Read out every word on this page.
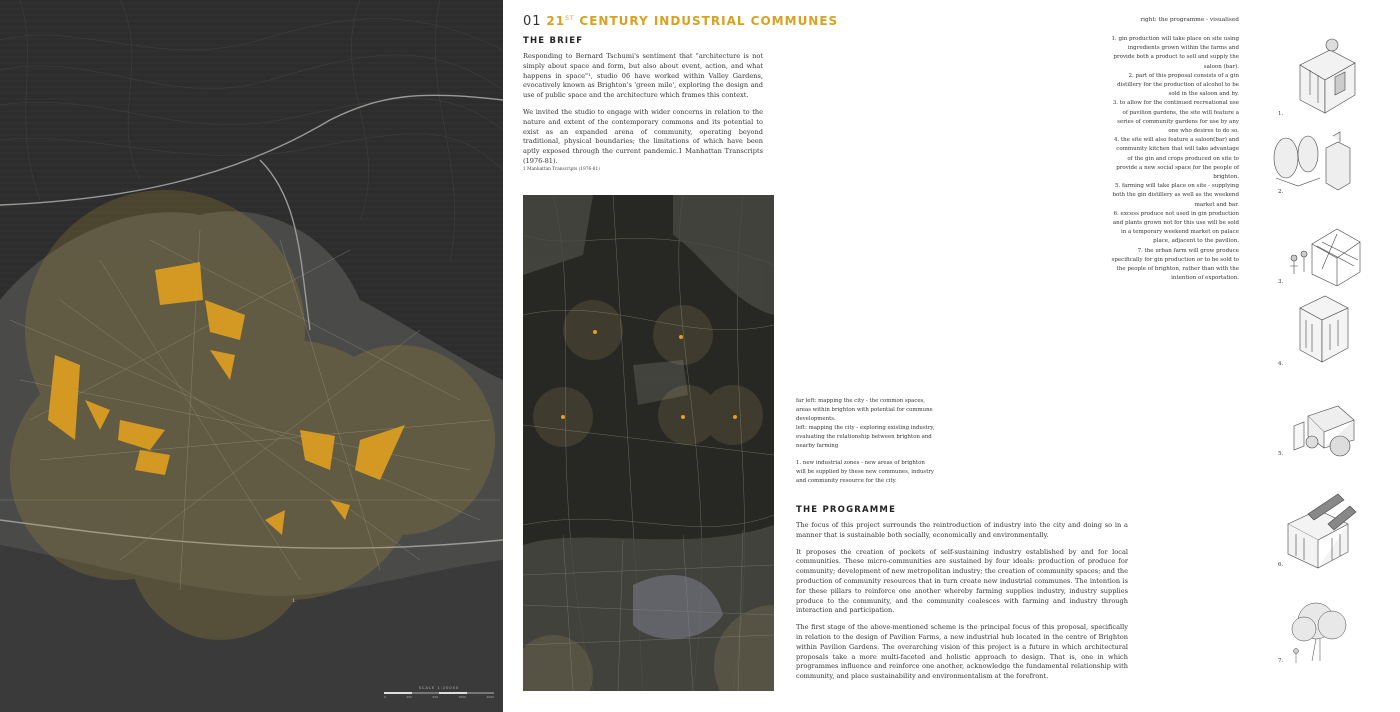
1.
SCALE 1:20000
0	250	500	1000	2000
01 21ST CENTURY INDUSTRIAL COMMUNES
THE BRIEF

Responding to Bernard Tschumi's sentiment that "architecture is not simply about space and form, but also about event, action, and what happens in space"¹, studio 06 have worked within Valley Gardens, evocatively known as Brighton's 'green mile', exploring the design and use of public space and the architecture which frames this context.

We invited the studio to engage with wider concerns in relation to the nature and extent of the contemporary commons and its potential to exist as an expanded arena of community, operating beyond traditional, physical boundaries; the limitations of which have been aptly exposed through the current pandemic.1 Manhattan Transcripts (1976-81).

1 Manhattan Transcripts (1976-81)

far left: mapping the city - the common spaces, areas within brighton with potential for commune developments.
left: mapping the city - exploring existing industry, evaluating the relationship between brighton and nearby farming

1. new industrial zones - new areas of brighton will be supplied by these new communes, industry and community resource for the city.

THE PROGRAMME

The focus of this project surrounds the reintroduction of industry into the city and doing so in a manner that is sustainable both socially, economically and environmentally.

It proposes the creation of pockets of self-sustaining industry established by and for local communities. These micro-communities are sustained by four ideals: production of produce for community; development of new metropolitan industry; the creation of community spaces; and the production of community resources that in turn create new industrial communes. The intention is for these pillars to reinforce one another whereby farming supplies industry, industry supplies produce to the community, and the community coalesces with farming and industry through interaction and participation.

The first stage of the above-mentioned scheme is the principal focus of this proposal, specifically in relation to the design of Pavilion Farms, a new industrial hub located in the centre of Brighton within Pavilion Gardens. The overarching vision of this project is a future in which architectural proposals take a more multi-faceted and holistic approach to design. That is, one in which programmes influence and reinforce one another, acknowledge the fundamental relationship with community, and place sustainability and environmentalism at the forefront.

right: the programme - visualised
1. gin production will take place on site using ingredients grown within the farms and provide both a product to sell and supply the saloon (bar).
2. part of this proposal consists of a gin distillery for the production of alcohol to be sold in the saloon and by.
3. to allow for the continued recreational use of pavilion gardens, the site will feature a series of community gardens for use by any one who desires to do so.
4. the site will also feature a saloon(bar) and community kitchen that will take advantage of the gin and crops produced on site to provide a new social space for the people of brighton.
5. farming will take place on site - supplying both the gin distillery as well as the weekend market and bar.
6. excess produce not used in gin production and plants grown not for this use will be sold in a temporary weekend market on palace place, adjacent to the pavilion.
7. the urban farm will grow produce specifically for gin production or to be sold to the people of brighton, rather than with the intention of exportation.
1.
2.
3.
4.
5.
6.
7.
